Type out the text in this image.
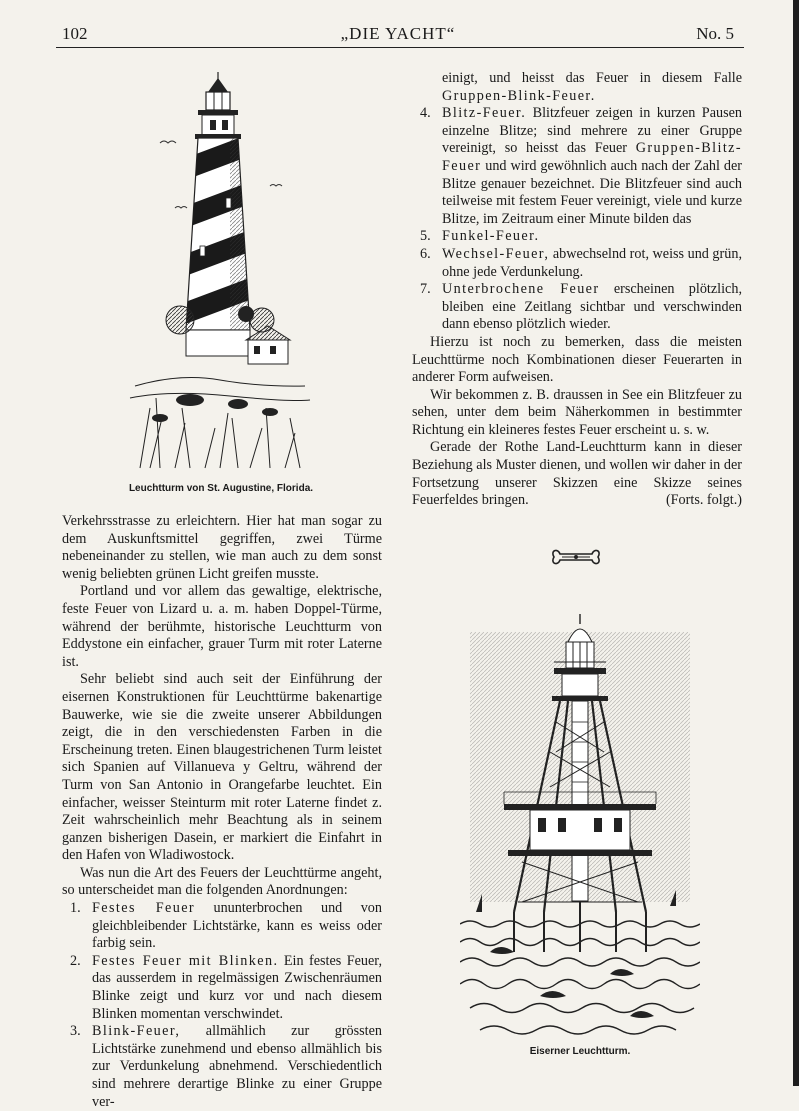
102	„DIE YACHT“	No. 5
Leuchtturm von St. Augustine, Florida.

Verkehrsstrasse zu erleichtern. Hier hat man sogar zu dem Auskunftsmittel gegriffen, zwei Türme nebeneinander zu stellen, wie man auch zu dem sonst wenig beliebten grünen Licht greifen musste.

Portland und vor allem das gewaltige, elektrische, feste Feuer von Lizard u. a. m. haben Doppel-Türme, während der berühmte, historische Leuchtturm von Eddystone ein einfacher, grauer Turm mit roter Laterne ist.

Sehr beliebt sind auch seit der Einführung der eisernen Konstruktionen für Leuchttürme bakenartige Bauwerke, wie sie die zweite unserer Abbildungen zeigt, die in den verschiedensten Farben in die Erscheinung treten. Einen blaugestrichenen Turm leistet sich Spanien auf Villanueva y Geltru, während der Turm von San Antonio in Orangefarbe leuchtet. Ein einfacher, weisser Steinturm mit roter Laterne findet z. Zeit wahrscheinlich mehr Beachtung als in seinem ganzen bisherigen Dasein, er markiert die Einfahrt in den Hafen von Wladiwostock.

Was nun die Art des Feuers der Leuchttürme angeht, so unterscheidet man die folgenden Anordnungen:

1. Festes Feuer ununterbrochen und von gleichbleibender Lichtstärke, kann es weiss oder farbig sein.
2. Festes Feuer mit Blinken. Ein festes Feuer, das ausserdem in regelmässigen Zwischenräumen Blinke zeigt und kurz vor und nach diesem Blinken momentan verschwindet.
3. Blink-Feuer, allmählich zur grössten Lichtstärke zunehmend und ebenso allmählich bis zur Verdunkelung abnehmend. Verschiedentlich sind mehrere derartige Blinke zu einer Gruppe ver-
einigt, und heisst das Feuer in diesem Falle Gruppen-Blink-Feuer.
4. Blitz-Feuer. Blitzfeuer zeigen in kurzen Pausen einzelne Blitze; sind mehrere zu einer Gruppe vereinigt, so heisst das Feuer Gruppen-Blitz-Feuer und wird gewöhnlich auch nach der Zahl der Blitze genauer bezeichnet. Die Blitzfeuer sind auch teilweise mit festem Feuer vereinigt, viele und kurze Blitze, im Zeitraum einer Minute bilden das
5. Funkel-Feuer.
6. Wechsel-Feuer, abwechselnd rot, weiss und grün, ohne jede Verdunkelung.
7. Unterbrochene Feuer erscheinen plötzlich, bleiben eine Zeitlang sichtbar und verschwinden dann ebenso plötzlich wieder.

Hierzu ist noch zu bemerken, dass die meisten Leuchttürme noch Kombinationen dieser Feuerarten in anderer Form aufweisen.

Wir bekommen z. B. draussen in See ein Blitzfeuer zu sehen, unter dem beim Näherkommen in bestimmter Richtung ein kleineres festes Feuer erscheint u. s. w.

Gerade der Rothe Land-Leuchtturm kann in dieser Beziehung als Muster dienen, und wollen wir daher in der Fortsetzung unserer Skizzen eine Skizze seines Feuerfeldes bringen.	(Forts. folgt.)

Eiserner Leuchtturm.
